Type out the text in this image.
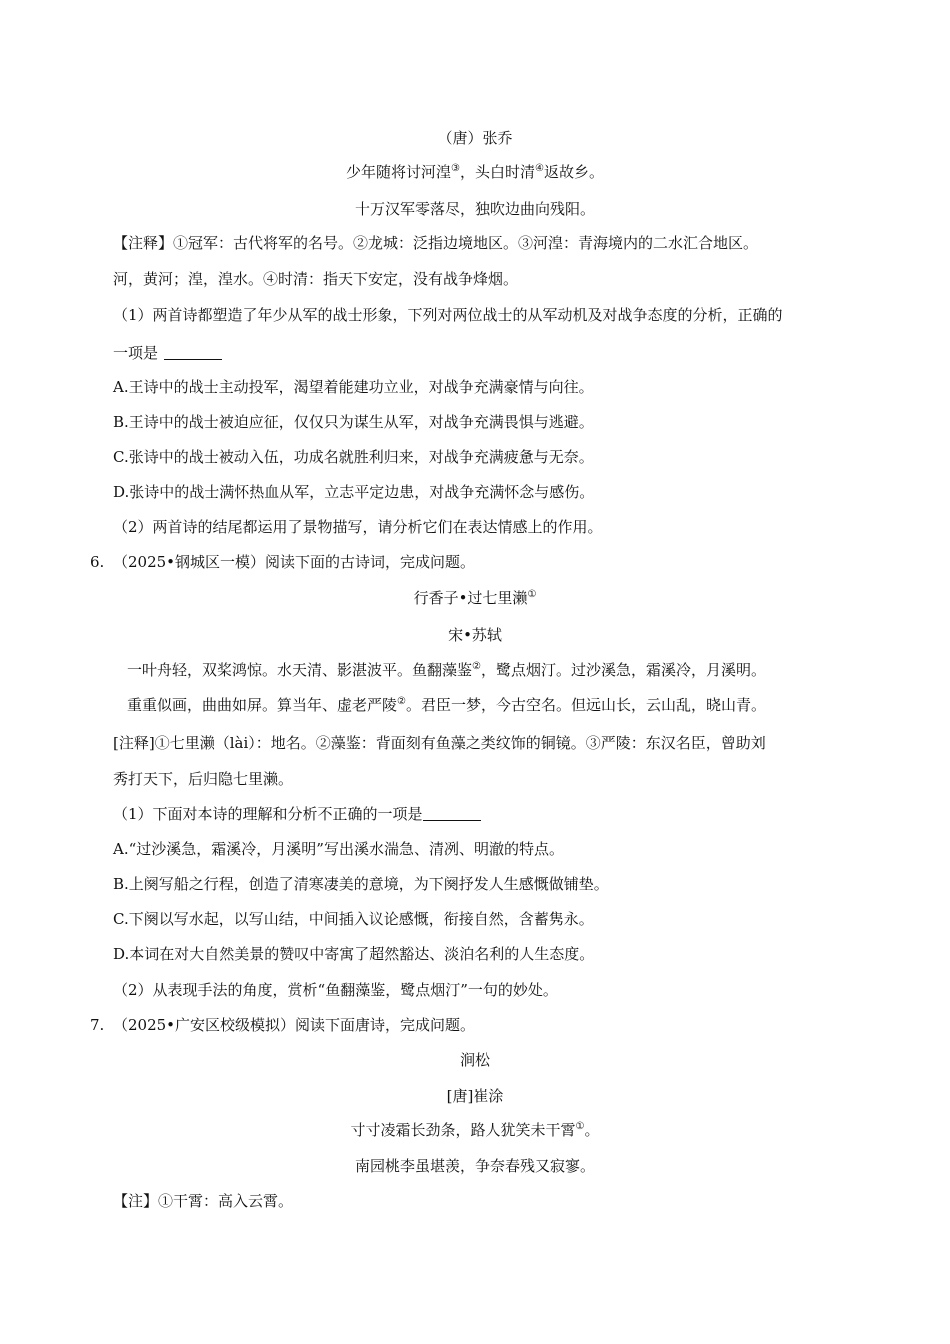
（唐）张乔
少年随将讨河湟③，头白时清④返故乡。
十万汉军零落尽，独吹边曲向残阳。
【注释】①冠军：古代将军的名号。②龙城：泛指边境地区。③河湟：青海境内的二水汇合地区。
河，黄河；湟，湟水。④时清：指天下安定，没有战争烽烟。
（1）两首诗都塑造了年少从军的战士形象，下列对两位战士的从军动机及对战争态度的分析，正确的
一项是
A.王诗中的战士主动投军，渴望着能建功立业，对战争充满豪情与向往。
B.王诗中的战士被迫应征，仅仅只为谋生从军，对战争充满畏惧与逃避。
C.张诗中的战士被动入伍，功成名就胜利归来，对战争充满疲惫与无奈。
D.张诗中的战士满怀热血从军，立志平定边患，对战争充满怀念与感伤。
（2）两首诗的结尾都运用了景物描写，请分析它们在表达情感上的作用。
6. （2025•钢城区一模）阅读下面的古诗词，完成问题。
行香子•过七里濑①
宋•苏轼
一叶舟轻，双桨鸿惊。水天清、影湛波平。鱼翻藻鉴②，鹭点烟汀。过沙溪急，霜溪冷，月溪明。
重重似画，曲曲如屏。算当年、虚老严陵②。君臣一梦，今古空名。但远山长，云山乱，晓山青。
[注释]①七里濑（lài）：地名。②藻鉴：背面刻有鱼藻之类纹饰的铜镜。③严陵：东汉名臣，曾助刘
秀打天下，后归隐七里濑。
（1）下面对本诗的理解和分析不正确的一项是
A.“过沙溪急，霜溪冷，月溪明”写出溪水湍急、清冽、明澈的特点。
B.上阕写船之行程，创造了清寒凄美的意境，为下阕抒发人生感慨做铺垫。
C.下阕以写水起，以写山结，中间插入议论感慨，衔接自然，含蓄隽永。
D.本词在对大自然美景的赞叹中寄寓了超然豁达、淡泊名利的人生态度。
（2）从表现手法的角度，赏析“鱼翻藻鉴，鹭点烟汀”一句的妙处。
7. （2025•广安区校级模拟）阅读下面唐诗，完成问题。
涧松
[唐]崔涂
寸寸凌霜长劲条，路人犹笑未干霄①。
南园桃李虽堪羡，争奈春残又寂寥。
【注】①干霄：高入云霄。
